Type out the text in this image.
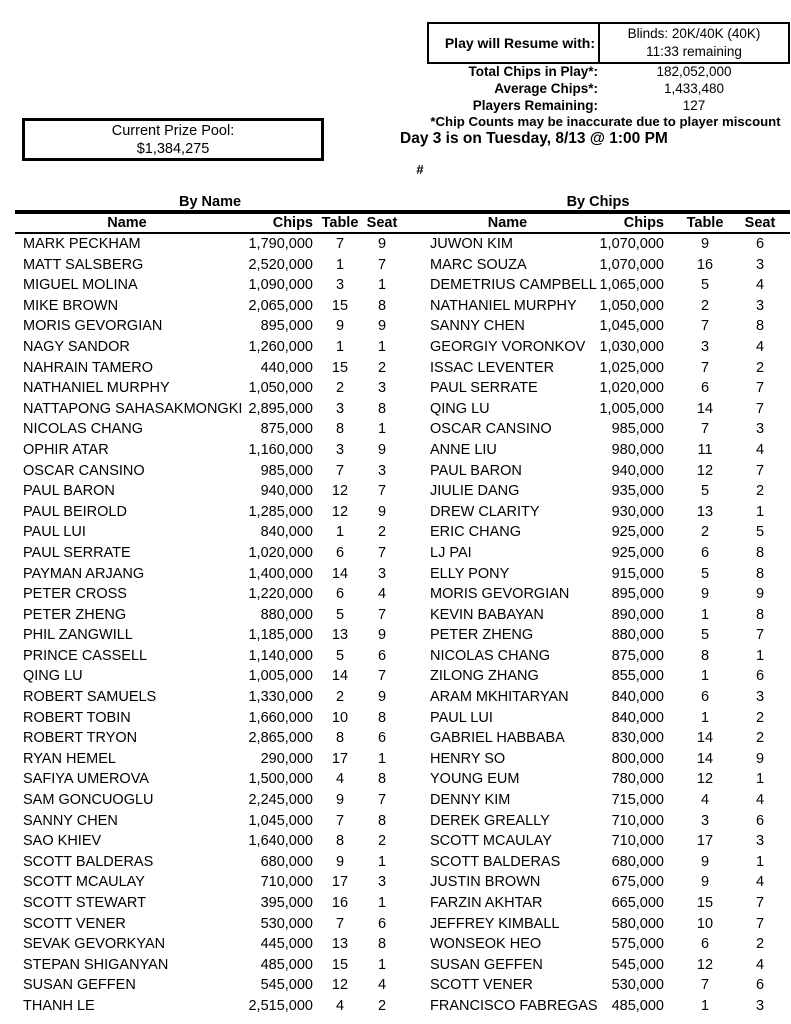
Play will Resume with:
Blinds: 20K/40K (40K)
11:33 remaining
Total Chips in Play*:	182,052,000
Average Chips*:	1,433,480
Players Remaining:	127
*Chip Counts may be inaccurate due to player miscount
Day 3 is on Tuesday, 8/13 @ 1:00 PM
Current Prize Pool:
$1,384,275
#
By Name	By Chips
Name	Chips Table Seat	Name	Chips	Table	Seat
MARK PECKHAM	1,790,000	7	9
MATT SALSBERG	2,520,000	1	7
MIGUEL MOLINA	1,090,000	3	1
MIKE BROWN	2,065,000	15	8
MORIS GEVORGIAN	895,000	9	9
NAGY SANDOR	1,260,000	1	1
NAHRAIN TAMERO	440,000	15	2
NATHANIEL MURPHY	1,050,000	2	3
NATTAPONG SAHASAKMONGKI 2,895,000	3	8
NICOLAS CHANG	875,000	8	1
OPHIR ATAR	1,160,000	3	9
OSCAR CANSINO	985,000	7	3
PAUL BARON	940,000	12	7
PAUL BEIROLD	1,285,000	12	9
PAUL LUI	840,000	1	2
PAUL SERRATE	1,020,000	6	7
PAYMAN ARJANG	1,400,000	14	3
PETER CROSS	1,220,000	6	4
PETER ZHENG	880,000	5	7
PHIL ZANGWILL	1,185,000	13	9
PRINCE CASSELL	1,140,000	5	6
QING LU	1,005,000	14	7
ROBERT SAMUELS	1,330,000	2	9
ROBERT TOBIN	1,660,000	10	8
ROBERT TRYON	2,865,000	8	6
RYAN HEMEL	290,000	17	1
SAFIYA UMEROVA	1,500,000	4	8
SAM GONCUOGLU	2,245,000	9	7
SANNY CHEN	1,045,000	7	8
SAO KHIEV	1,640,000	8	2
SCOTT BALDERAS	680,000	9	1
SCOTT MCAULAY	710,000	17	3
SCOTT STEWART	395,000	16	1
SCOTT VENER	530,000	7	6
SEVAK GEVORKYAN	445,000	13	8
STEPAN SHIGANYAN	485,000	15	1
SUSAN GEFFEN	545,000	12	4
THANH LE	2,515,000	4	2
JUWON KIM	1,070,000	9	6
MARC SOUZA	1,070,000	16	3
DEMETRIUS CAMPBELL 1,065,000	5	4
NATHANIEL MURPHY	1,050,000	2	3
SANNY CHEN	1,045,000	7	8
GEORGIY VORONKOV 1,030,000	3	4
ISSAC LEVENTER	1,025,000	7	2
PAUL SERRATE	1,020,000	6	7
QING LU	1,005,000	14	7
OSCAR CANSINO	985,000	7	3
ANNE LIU	980,000	11	4
PAUL BARON	940,000	12	7
JIULIE DANG	935,000	5	2
DREW CLARITY	930,000	13	1
ERIC CHANG	925,000	2	5
LJ PAI	925,000	6	8
ELLY PONY	915,000	5	8
MORIS GEVORGIAN	895,000	9	9
KEVIN BABAYAN	890,000	1	8
PETER ZHENG	880,000	5	7
NICOLAS CHANG	875,000	8	1
ZILONG ZHANG	855,000	1	6
ARAM MKHITARYAN	840,000	6	3
PAUL LUI	840,000	1	2
GABRIEL HABBABA	830,000	14	2
HENRY SO	800,000	14	9
YOUNG EUM	780,000	12	1
DENNY KIM	715,000	4	4
DEREK GREALLY	710,000	3	6
SCOTT MCAULAY	710,000	17	3
SCOTT BALDERAS	680,000	9	1
JUSTIN BROWN	675,000	9	4
FARZIN AKHTAR	665,000	15	7
JEFFREY KIMBALL	580,000	10	7
WONSEOK HEO	575,000	6	2
SUSAN GEFFEN	545,000	12	4
SCOTT VENER	530,000	7	6
FRANCISCO FABREGAS 485,000	1	3
